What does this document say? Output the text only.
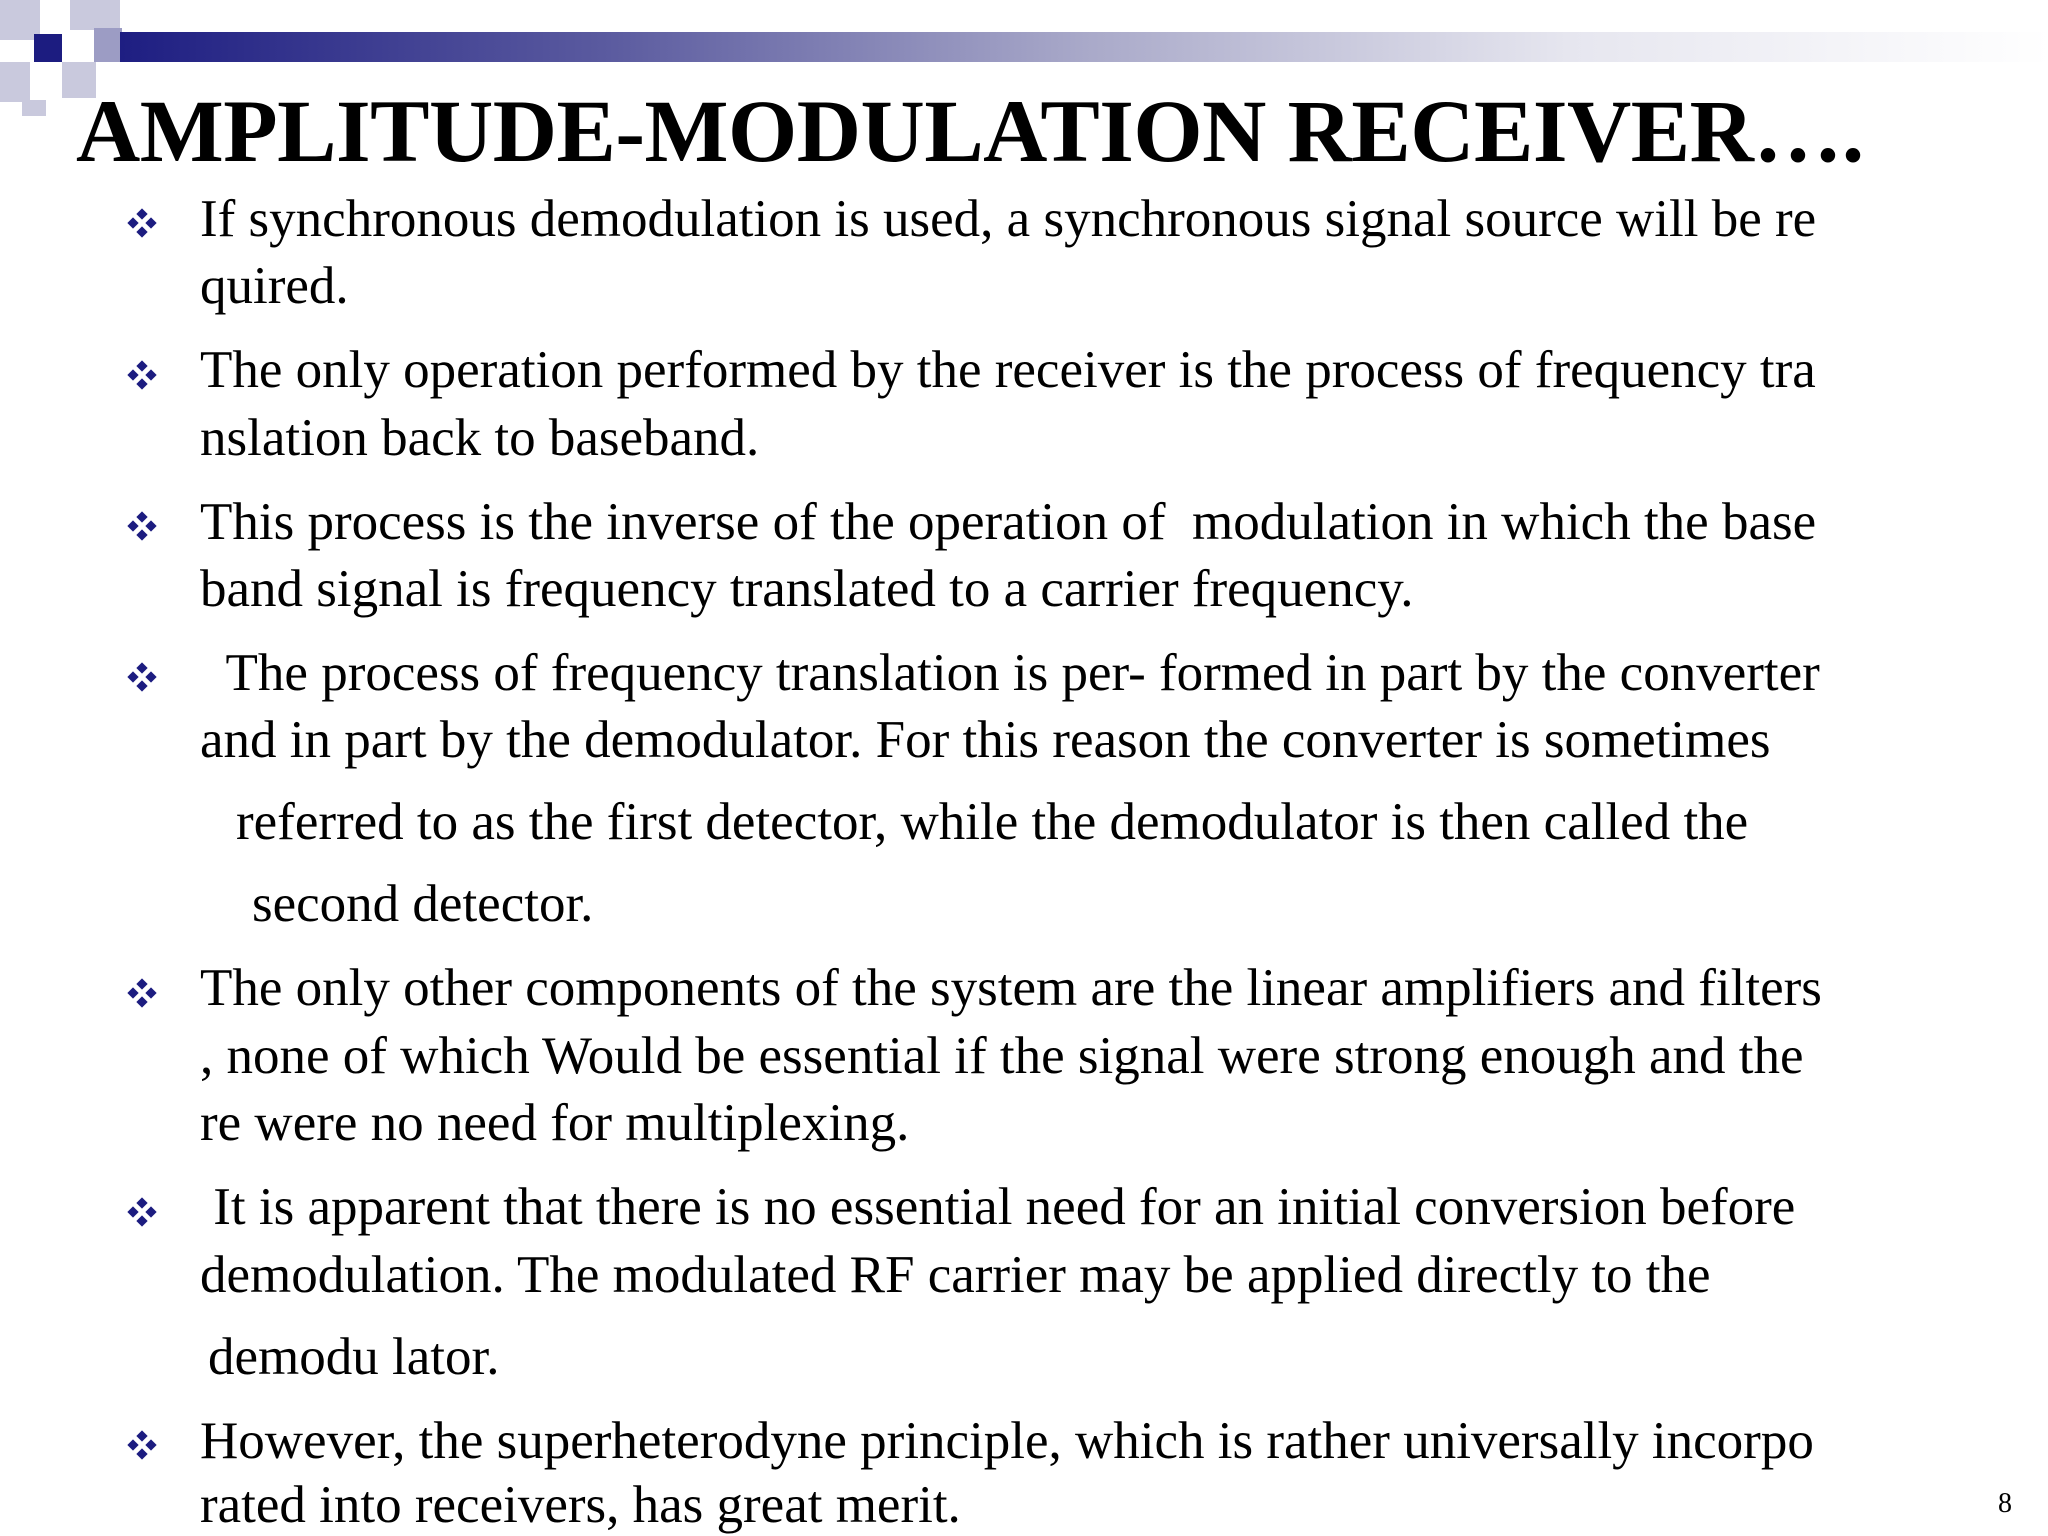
AMPLITUDE-MODULATION RECEIVER….
If synchronous demodulation is used, a synchronous signal source will be re
quired.
The only operation performed by the receiver is the process of frequency tra
nslation back to baseband.
This process is the inverse of the operation of  modulation in which the base
band signal is frequency translated to a carrier frequency.
The process of frequency translation is per- formed in part by the converter
and in part by the demodulator. For this reason the converter is sometimes
referred to as the first detector, while the demodulator is then called the
second detector.
The only other components of the system are the linear amplifiers and filters
, none of which Would be essential if the signal were strong enough and the
re were no need for multiplexing.
It is apparent that there is no essential need for an initial conversion before
demodulation. The modulated RF carrier may be applied directly to the
demodu lator.
However, the superheterodyne principle, which is rather universally incorpo
rated into receivers, has great merit.	8
